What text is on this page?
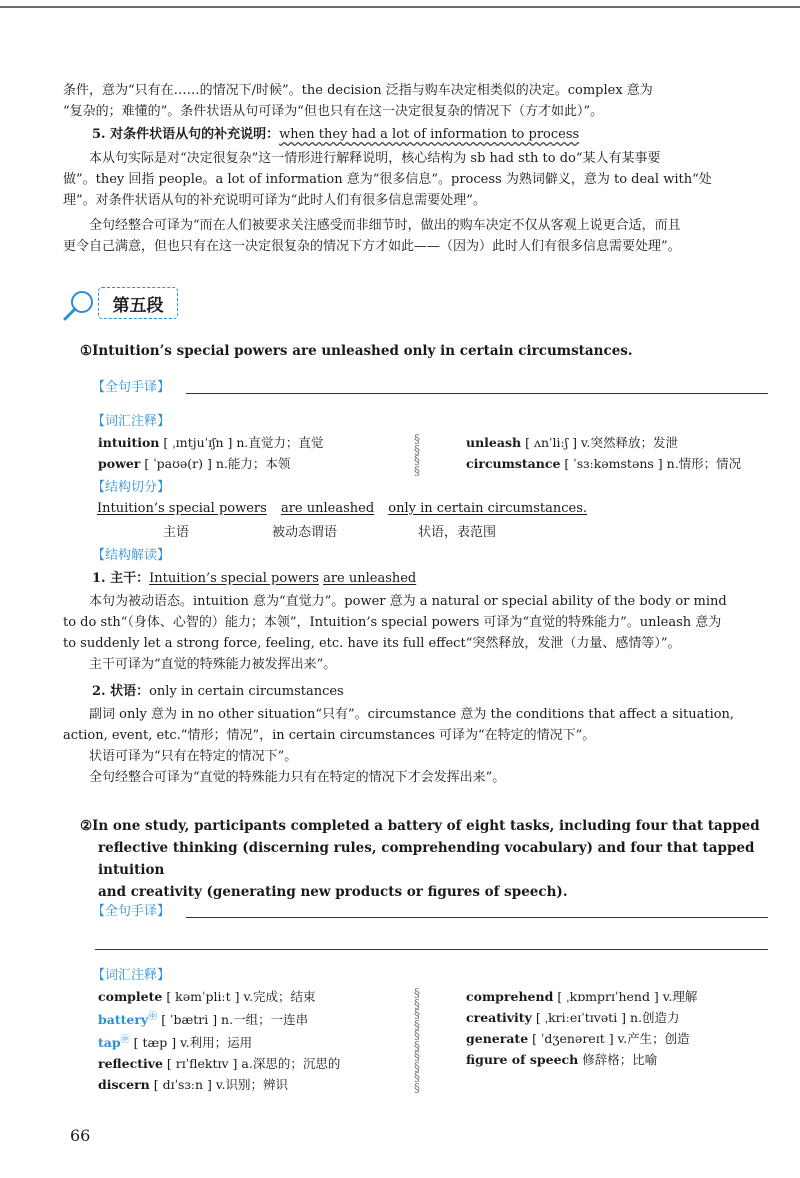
条件，意为“只有在……的情况下/时候”。the decision 泛指与购车决定相类似的决定。complex 意为
“复杂的；难懂的”。条件状语从句可译为“但也只有在这一决定很复杂的情况下（方才如此）”。
5. 对条件状语从句的补充说明：when they had a lot of information to process
本从句实际是对“决定很复杂”这一情形进行解释说明，核心结构为 sb had sth to do“某人有某事要
做”。they 回指 people。a lot of information 意为“很多信息”。process 为熟词僻义，意为 to deal with“处
理”。对条件状语从句的补充说明可译为“此时人们有很多信息需要处理”。
全句经整合可译为“而在人们被要求关注感受而非细节时，做出的购车决定不仅从客观上说更合适，而且
更令自己满意，但也只有在这一决定很复杂的情况下方才如此——（因为）此时人们有很多信息需要处理”。
第五段
①Intuition’s special powers are unleashed only in certain circumstances.
【全句手译】
【词汇注释】
intuition [ ˌɪntjuˈɪʃn ] n.直觉力；直觉
power [ ˈpaʊə(r) ] n.能力；本领
§
§
§
§
unleash [ ʌnˈliːʃ ] v.突然释放；发泄
circumstance [ ˈsɜːkəmstəns ] n.情形；情况
【结构切分】
Intuition’s special powers are unleashed only in certain circumstances.
主语	被动态谓语	状语，表范围
【结构解读】
1. 主干：Intuition’s special powers are unleashed
本句为被动语态。intuition 意为“直觉力”。power 意为 a natural or special ability of the body or mind
to do sth“（身体、心智的）能力；本领”，Intuition’s special powers 可译为“直觉的特殊能力”。unleash 意为
to suddenly let a strong force, feeling, etc. have its full effect“突然释放，发泄（力量、感情等）”。
主干可译为“直觉的特殊能力被发挥出来”。
2. 状语：only in certain circumstances
副词 only 意为 in no other situation“只有”。circumstance 意为 the conditions that affect a situation,
action, event, etc.“情形；情况”，in certain circumstances 可译为“在特定的情况下”。
状语可译为“只有在特定的情况下”。
全句经整合可译为“直觉的特殊能力只有在特定的情况下才会发挥出来”。
②In one study, participants completed a battery of eight tasks, including four that tapped
reflective thinking (discerning rules, comprehending vocabulary) and four that tapped intuition
and creativity (generating new products or figures of speech).
【全句手译】
【词汇注释】
complete [ kəmˈpliːt ] v.完成；结束
battery㊥ [ ˈbætri ] n.一组；一连串
tap㊥ [ tæp ] v.利用；运用
reflective [ rɪˈflektɪv ] a.深思的；沉思的
discern [ dɪˈsɜːn ] v.识别；辨识
§
§
§
§
§
§
§
§
§
§
comprehend [ ˌkɒmprɪˈhend ] v.理解
creativity [ ˌkriːeɪˈtɪvəti ] n.创造力
generate [ ˈdʒenəreɪt ] v.产生；创造
figure of speech 修辞格；比喻
66
